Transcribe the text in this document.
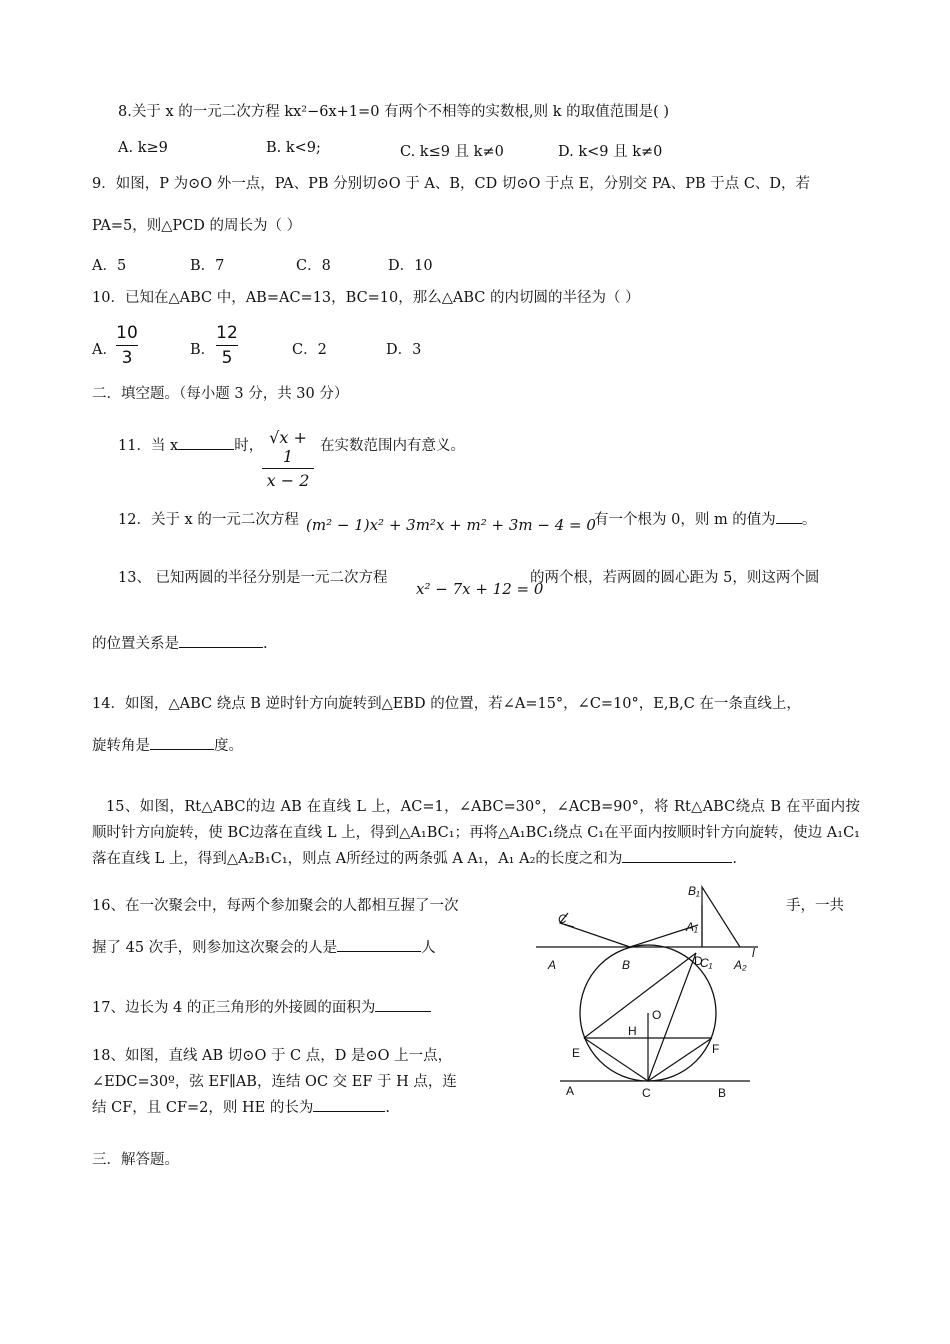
8.关于 x 的一元二次方程 kx²−6x+1=0 有两个不相等的实数根,则 k 的取值范围是( )
A. k≥9	B. k<9;	C. k≤9 且 k≠0	D. k<9 且 k≠0
9．如图，P 为⊙O 外一点，PA、PB 分别切⊙O 于 A、B，CD 切⊙O 于点 E，分别交 PA、PB 于点 C、D，若
PA=5，则△PCD 的周长为（ ）
A．5	B．7	C．8	D．10
10．已知在△ABC 中，AB=AC=13，BC=10，那么△ABC 的内切圆的半径为（ ）
A．
10
3	B．
12
5	C．2	D．3
二．填空题。（每小题 3 分，共 30 分）
11．当 x	时， √x + 1
x − 2
在实数范围内有意义。
12．关于 x 的一元二次方程 (m² − 1)x² + 3m²x + m² + 3m − 4 = 0
有一个根为 0，则 m 的值为 。
13、 已知两圆的半径分别是一元二次方程
x² − 7x + 12 = 0
的两个根，若两圆的圆心距为 5，则这两个圆
的位置关系是	.
14．如图，△ABC 绕点 B 逆时针方向旋转到△EBD 的位置，若∠A=15°，∠C=10°，E,B,C 在一条直线上，
旋转角是	度。
15、如图，Rt△ABC的边 AB 在直线 L 上，AC=1，∠ABC=30°，∠ACB=90°，将 Rt△ABC绕点 B 在平面内按顺时针方向旋转，使 BC边落在直线 L 上，得到△A₁BC₁；再将△A₁BC₁绕点 C₁在平面内按顺时针方向旋转，使边 A₁C₁落在直线 L 上，得到△A₂B₁C₁，则点 A所经过的两条弧 A A₁，A₁ A₂的长度之和为	.
16、在一次聚会中，每两个参加聚会的人都相互握了一次	手，一共
握了 45 次手，则参加这次聚会的人是	人
17、边长为 4 的正三角形的外接圆的面积为
18、如图，直线 AB 切⊙O 于 C 点，D 是⊙O 上一点，
∠EDC=30º，弦 EF∥AB，连结 OC 交 EF 于 H 点，连
结 CF，且 CF=2，则 HE 的长为	.
三．解答题。
A	B
C
A₁
B₁
C₁ A₂
l
D
O
H
E	F
A	C	B
